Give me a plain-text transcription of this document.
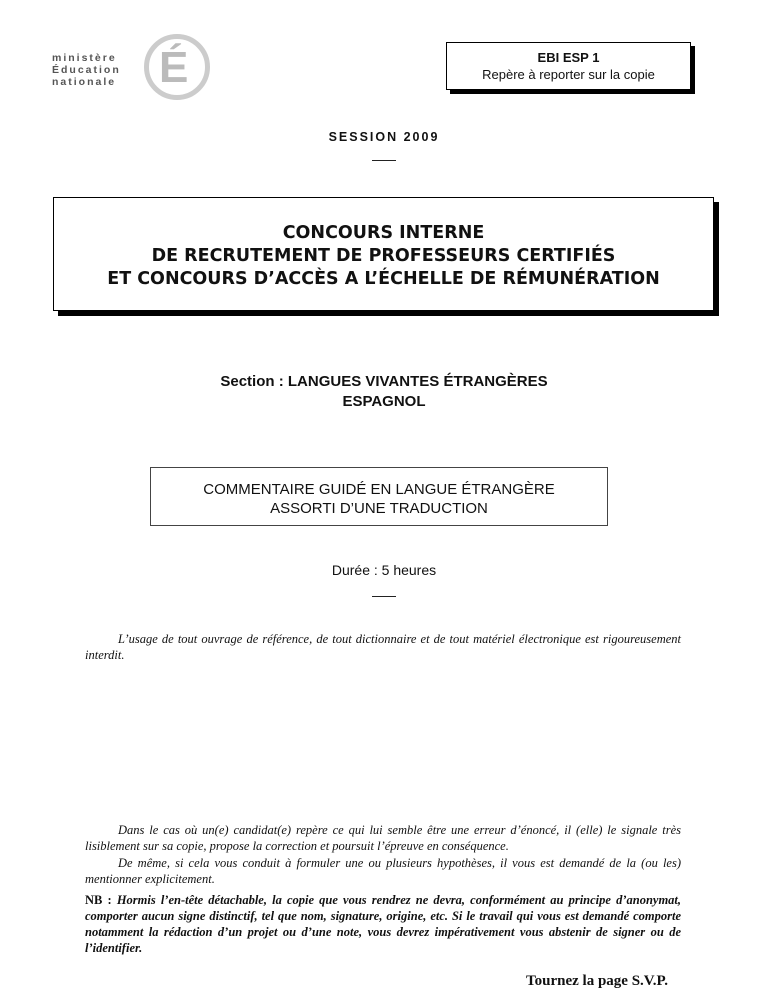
ministère
Éducation
nationale É	EBI ESP 1
Repère à reporter sur la copie
SESSION 2009
CONCOURS INTERNE
DE RECRUTEMENT DE PROFESSEURS CERTIFIÉS
ET CONCOURS D’ACCÈS A L’ÉCHELLE DE RÉMUNÉRATION
Section : LANGUES VIVANTES ÉTRANGÈRES
ESPAGNOL
COMMENTAIRE GUIDÉ EN LANGUE ÉTRANGÈRE
ASSORTI D’UNE TRADUCTION
Durée : 5 heures
L’usage de tout ouvrage de référence, de tout dictionnaire et de tout matériel électronique est rigoureusement interdit.
Dans le cas où un(e) candidat(e) repère ce qui lui semble être une erreur d’énoncé, il (elle) le signale très lisiblement sur sa copie, propose la correction et poursuit l’épreuve en conséquence.
De même, si cela vous conduit à formuler une ou plusieurs hypothèses, il vous est demandé de la (ou les) mentionner explicitement.
NB : Hormis l’en-tête détachable, la copie que vous rendrez ne devra, conformément au principe d’anonymat, comporter aucun signe distinctif, tel que nom, signature, origine, etc. Si le travail qui vous est demandé comporte notamment la rédaction d’un projet ou d’une note, vous devrez impérativement vous abstenir de signer ou de l’identifier.
Tournez la page S.V.P.
